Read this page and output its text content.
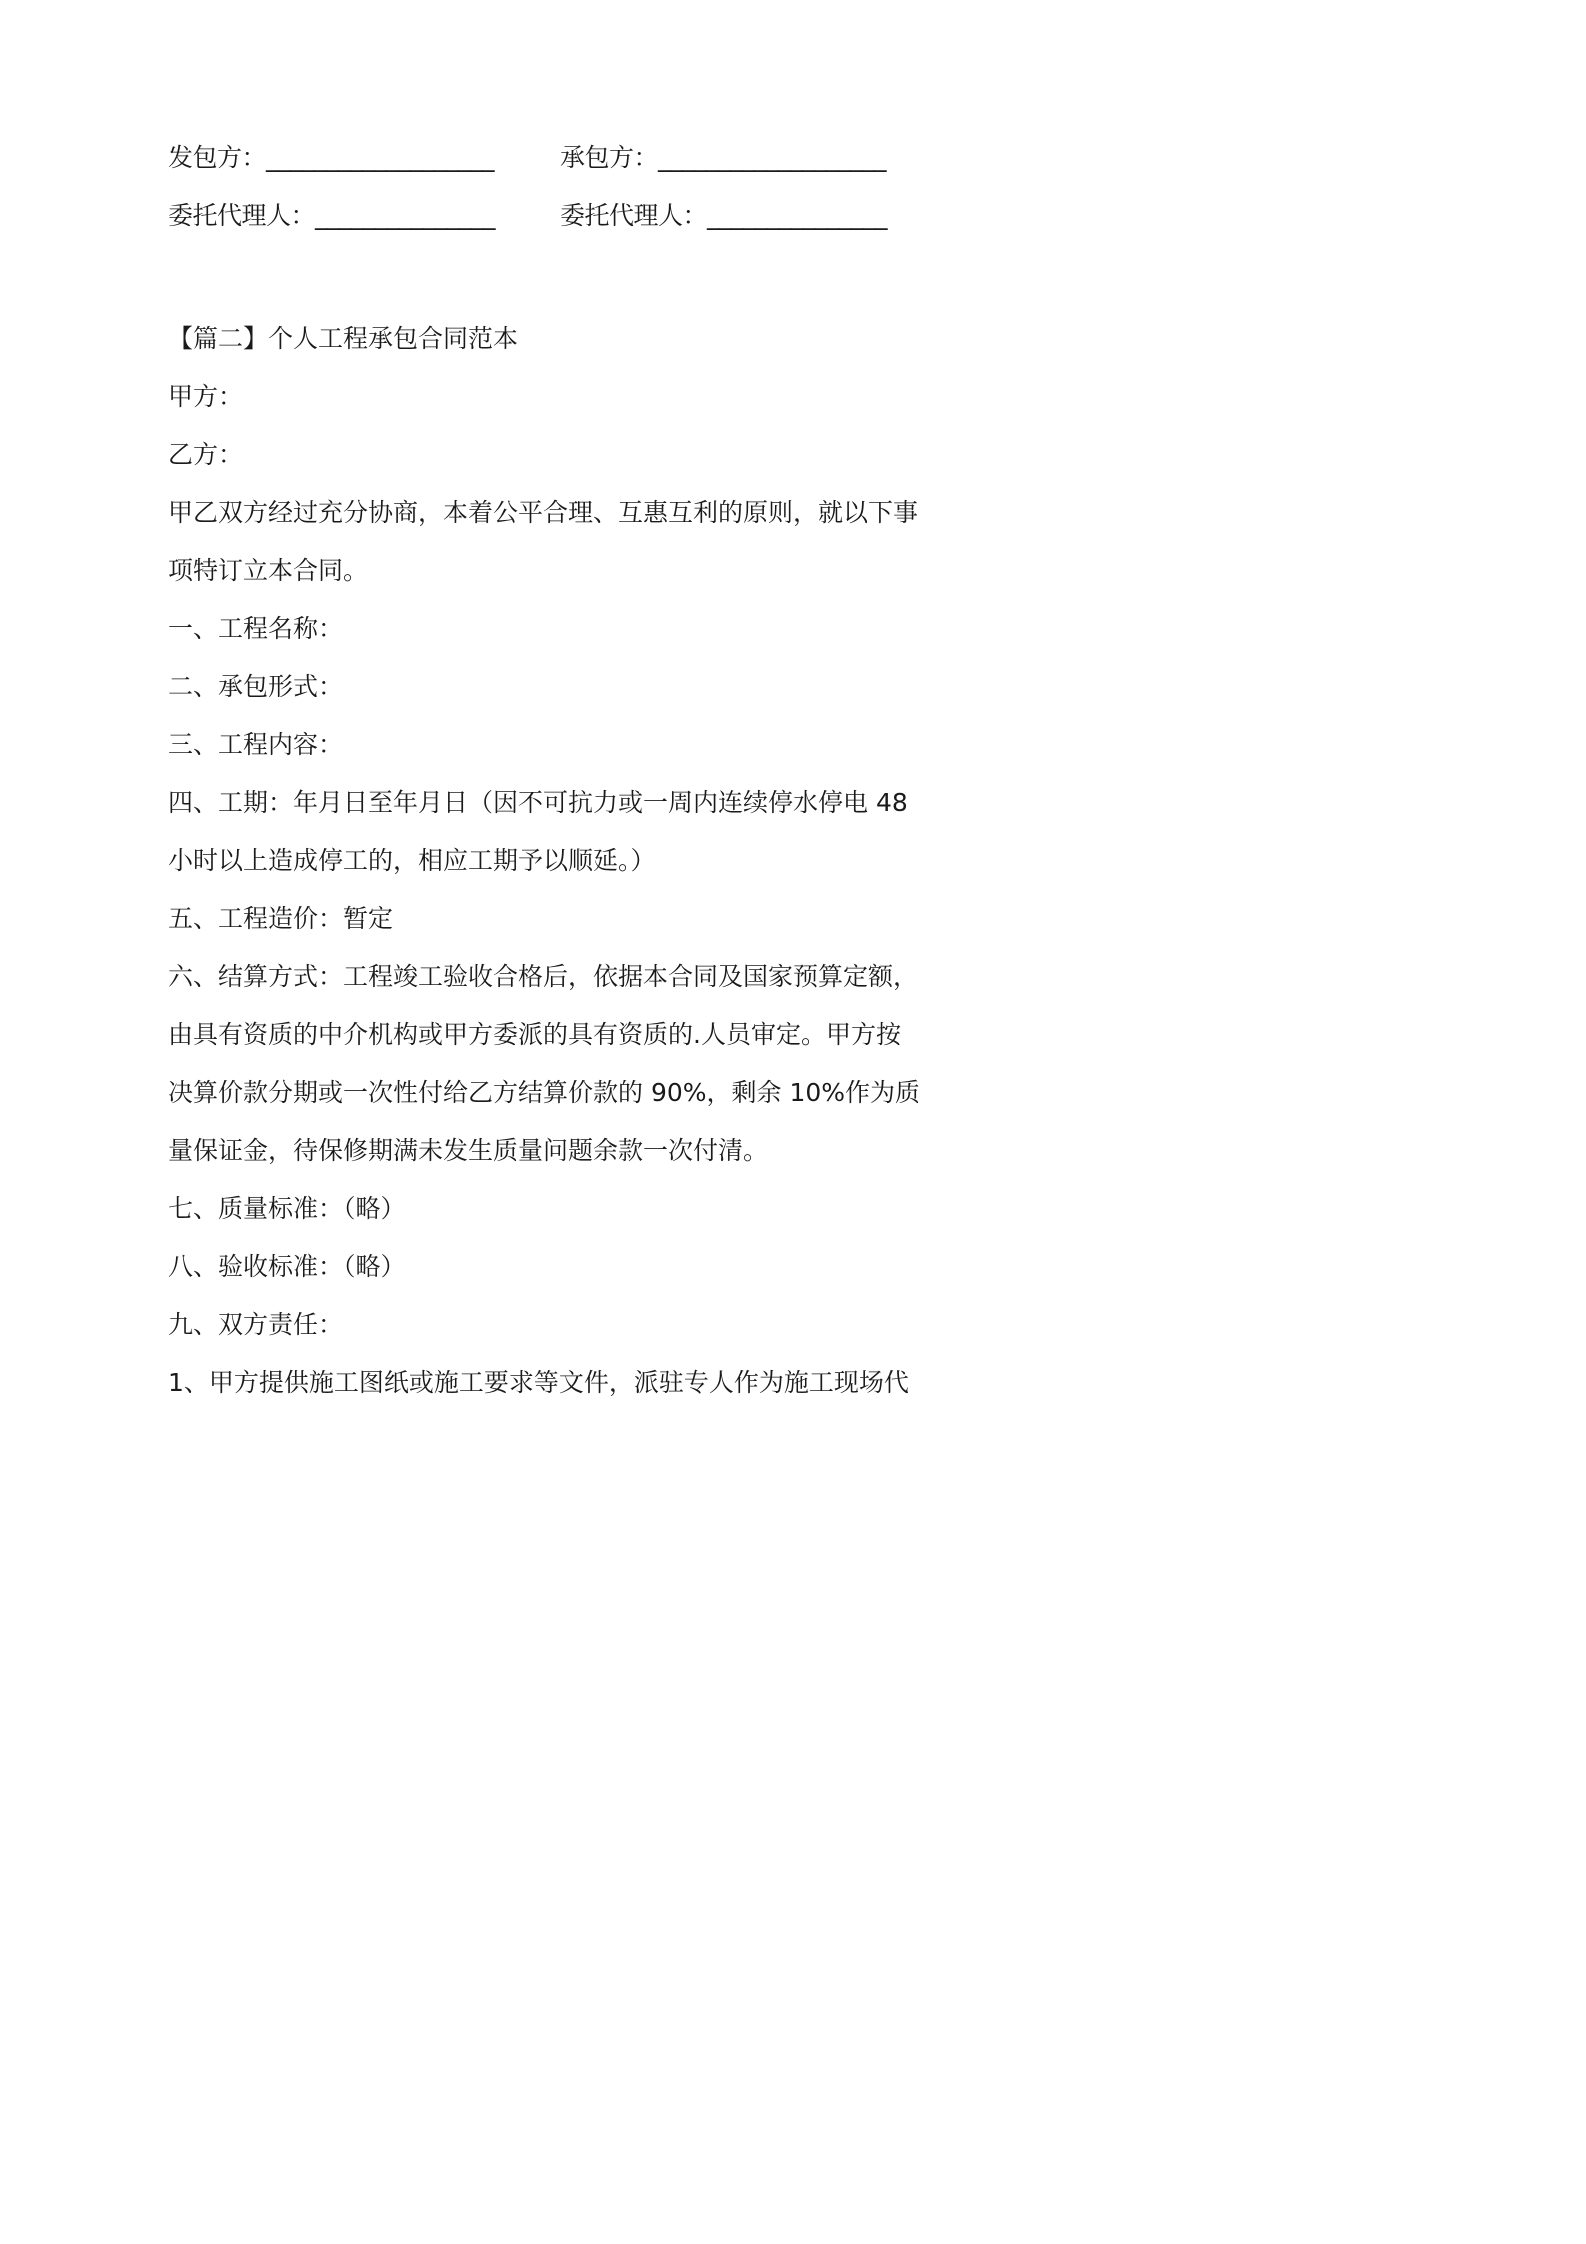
发包方：___________________	承包方：___________________
委托代理人：_______________	委托代理人：_______________

【篇二】个人工程承包合同范本

甲方：

乙方：

甲乙双方经过充分协商，本着公平合理、互惠互利的原则，就以下事

项特订立本合同。

一、工程名称：

二、承包形式：

三、工程内容：

四、工期：年月日至年月日（因不可抗力或一周内连续停水停电 48

小时以上造成停工的，相应工期予以顺延。）

五、工程造价：暂定

六、结算方式：工程竣工验收合格后，依据本合同及国家预算定额，

由具有资质的中介机构或甲方委派的具有资质的.人员审定。甲方按

决算价款分期或一次性付给乙方结算价款的 90%，剩余 10%作为质

量保证金，待保修期满未发生质量问题余款一次付清。

七、质量标准：（略）

八、验收标准：（略）

九、双方责任：

1、甲方提供施工图纸或施工要求等文件，派驻专人作为施工现场代
